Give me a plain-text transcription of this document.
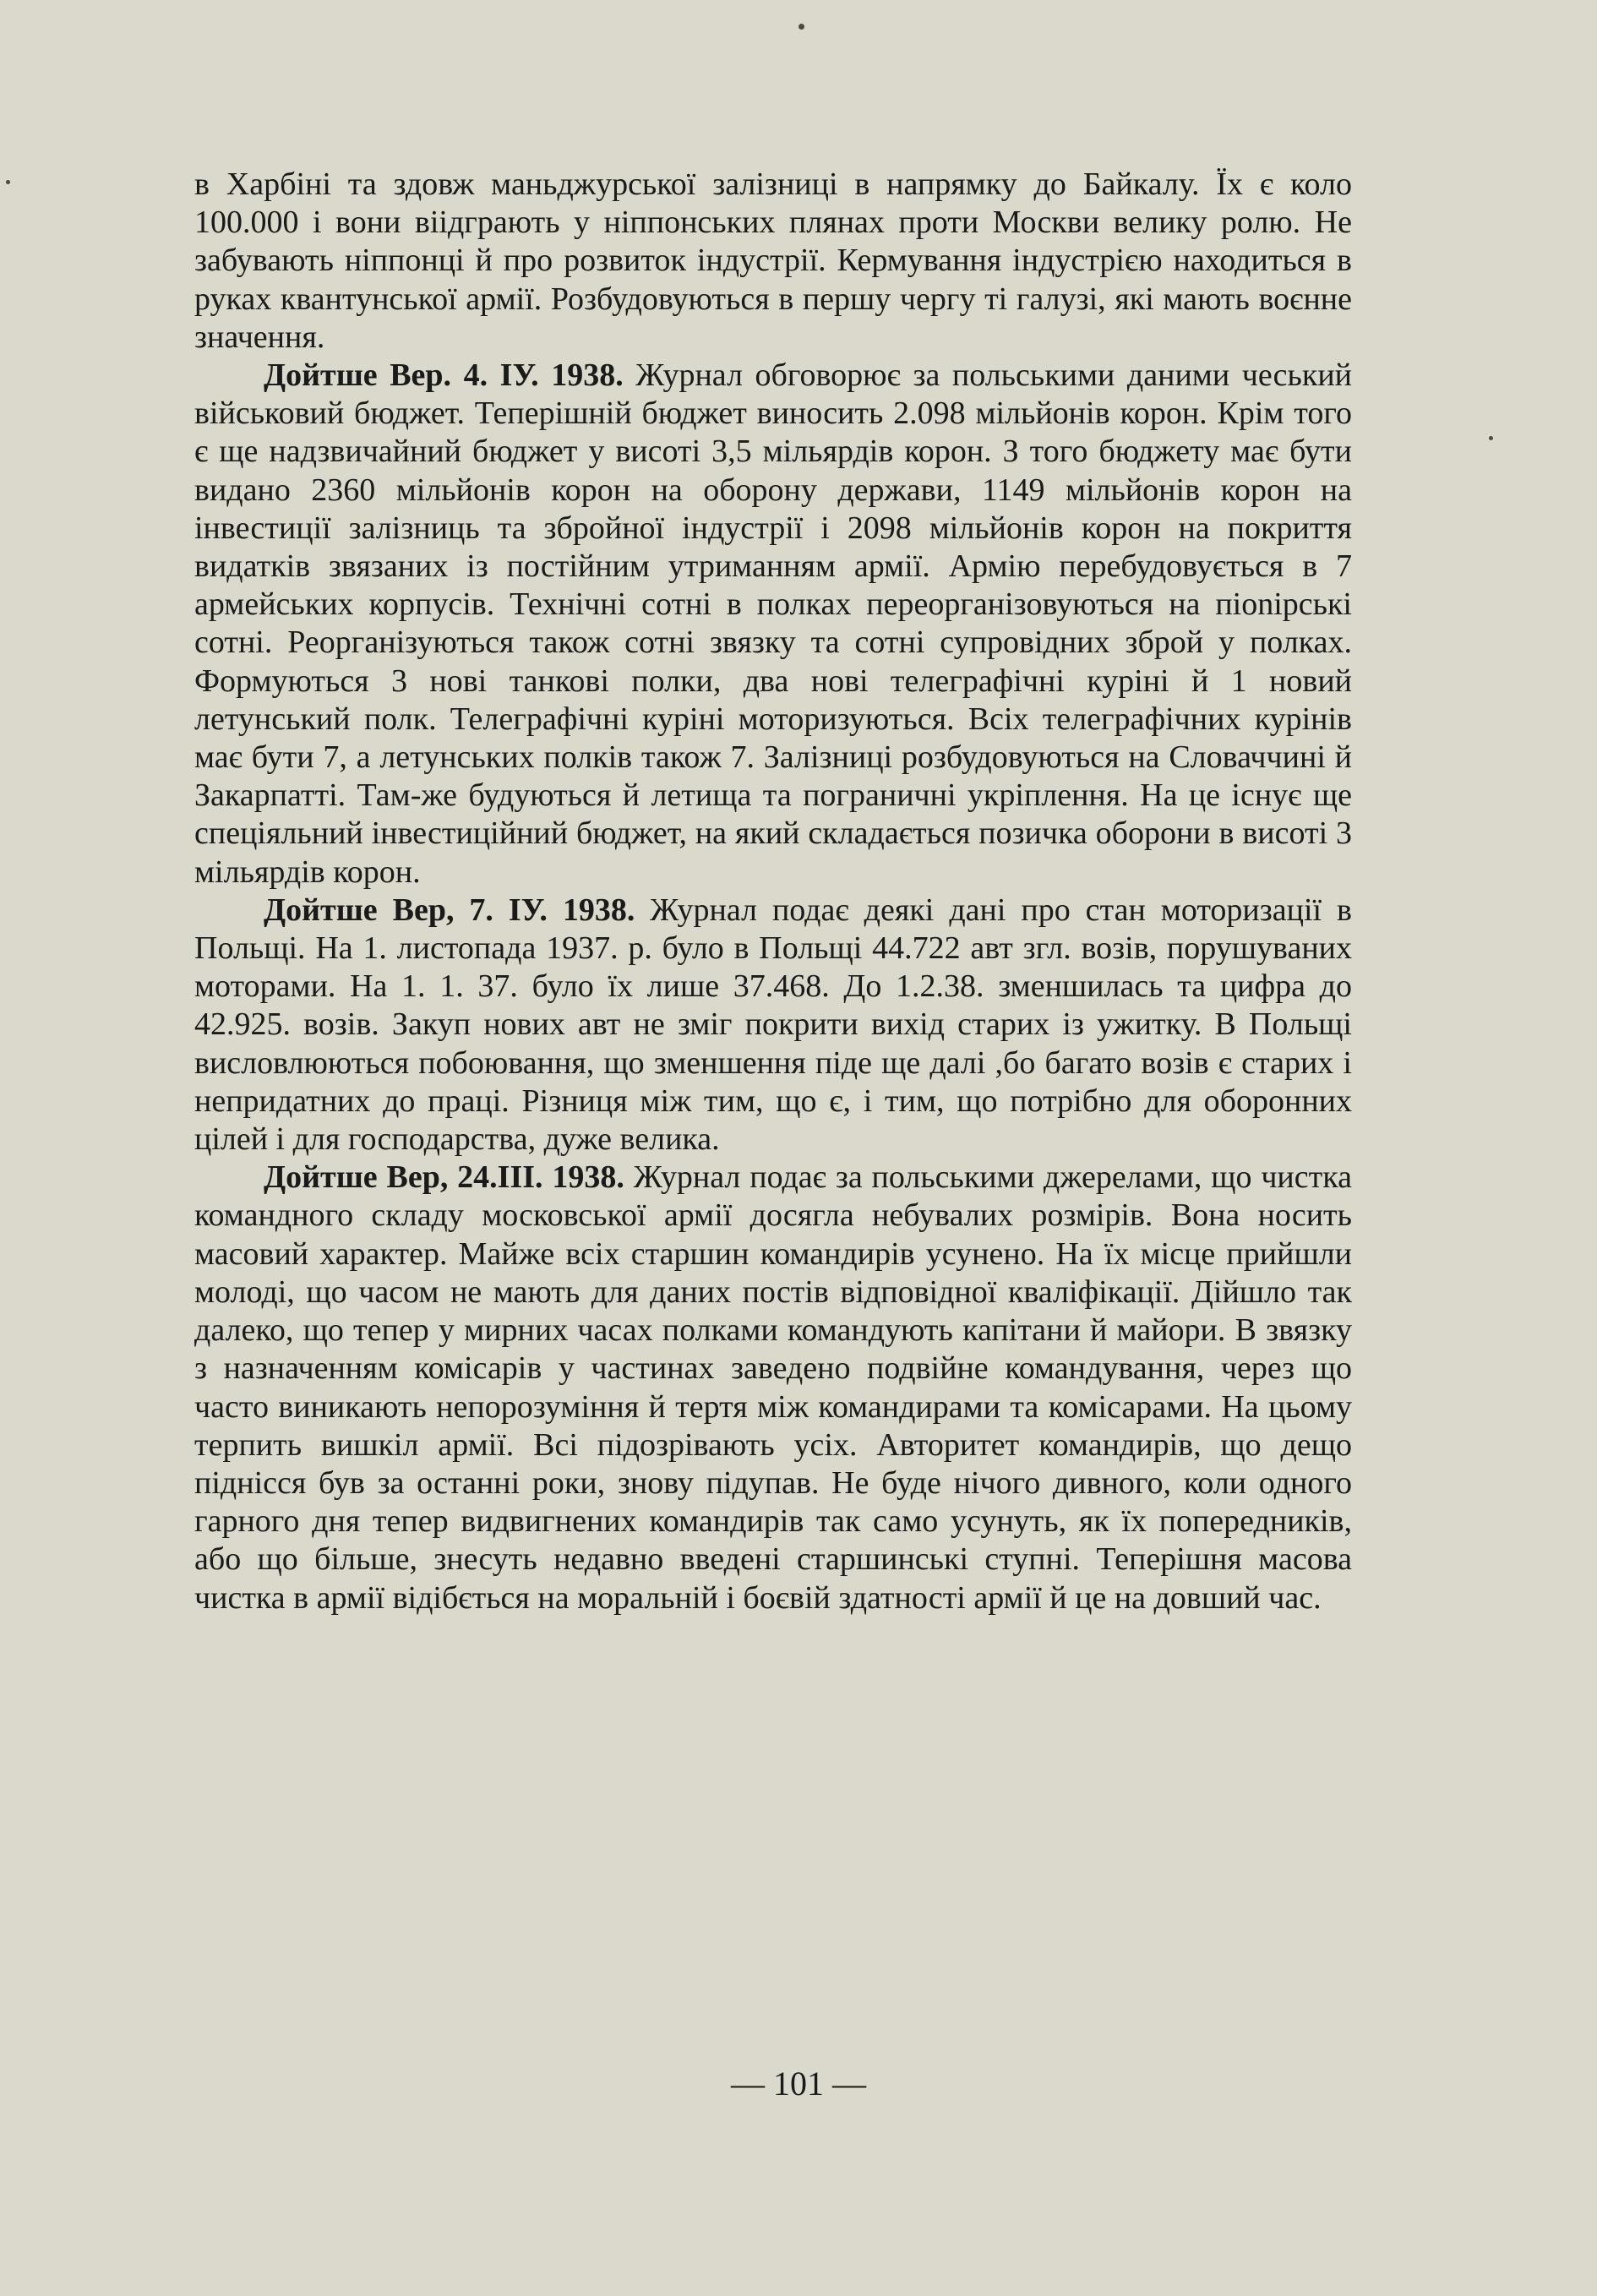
в Харбіні та здовж маньджурської залізниці в напрямку до Байкалу. Їх є коло 100.000 і вони віідграють у ніппонських плянах проти Москви велику ролю. Не забувають ніппонці й про розвиток індустрії. Кермування індустрією находиться в руках квантунської армії. Розбудовуються в першу чергу ті галузі, які мають воєнне значення.

Дойтше Вер. 4. ІУ. 1938. Журнал обговорює за польськими даними чеський військовий бюджет. Теперішній бюджет виносить 2.098 мільйонів корон. Крім того є ще надзвичайний бюджет у висоті 3,5 мільярдів корон. З того бюджету має бути видано 2360 мільйонів корон на оборону держави, 1149 мільйонів корон на інвестиції залізниць та збройної індустрії і 2098 мільйонів корон на покриття видатків звязаних із постійним утриманням армії. Армію перебудовується в 7 армейських корпусів. Технічні сотні в полках переорганізовуються на пionірські сотні. Реорганізуються також сотні звязку та сотні супровідних зброй у полках. Формуються 3 нові танкові полки, два нові телеграфічні куріні й 1 новий летунський полк. Телеграфічні куріні моторизуються. Всіх телеграфічних курінів має бути 7, а летунських полків також 7. Залізниці розбудовуються на Словаччині й Закарпатті. Там-же будуються й летища та пограничні укріплення. На це існує ще спеціяльний інвестиційний бюджет, на який складається позичка оборони в висоті 3 мільярдів корон.

Дойтше Вер, 7. ІУ. 1938. Журнал подає деякі дані про стан моторизації в Польщі. На 1. листопада 1937. р. було в Польщі 44.722 авт згл. возів, порушуваних моторами. На 1. 1. 37. було їх лише 37.468. До 1.2.38. зменшилась та цифра до 42.925. возів. Закуп нових авт не зміг покрити вихід старих із ужитку. В Польщі висловлюються побоювання, що зменшення піде ще далі ,бо багато возів є старих і непридатних до праці. Різниця між тим, що є, і тим, що потрібно для оборонних цілей і для господарства, дуже велика.

Дойтше Вер, 24.ІІІ. 1938. Журнал подає за польськими джерелами, що чистка командного складу московської армії досягла небувалих розмірів. Вона носить масовий характер. Майже всіх старшин командирів усунено. На їх місце прийшли молоді, що часом не мають для даних постів відповідної кваліфікації. Дійшло так далеко, що тепер у мирних часах полками командують капітани й майори. В звязку з назначенням комісарів у частинах заведено подвійне командування, через що часто виникають непорозуміння й тертя між командирами та комісарами. На цьому терпить вишкіл армії. Всі підозрівають усіх. Авторитет командирів, що дещо піднісся був за останні роки, знову підупав. Не буде нічого дивного, коли одного гарного дня тепер видвигнених командирів так само усунуть, як їх попередників, або що більше, знесуть недавно введені старшинські ступні. Теперішня масова чистка в армії відібється на моральній і боєвій здатності армії й це на довший час.

— 101 —
